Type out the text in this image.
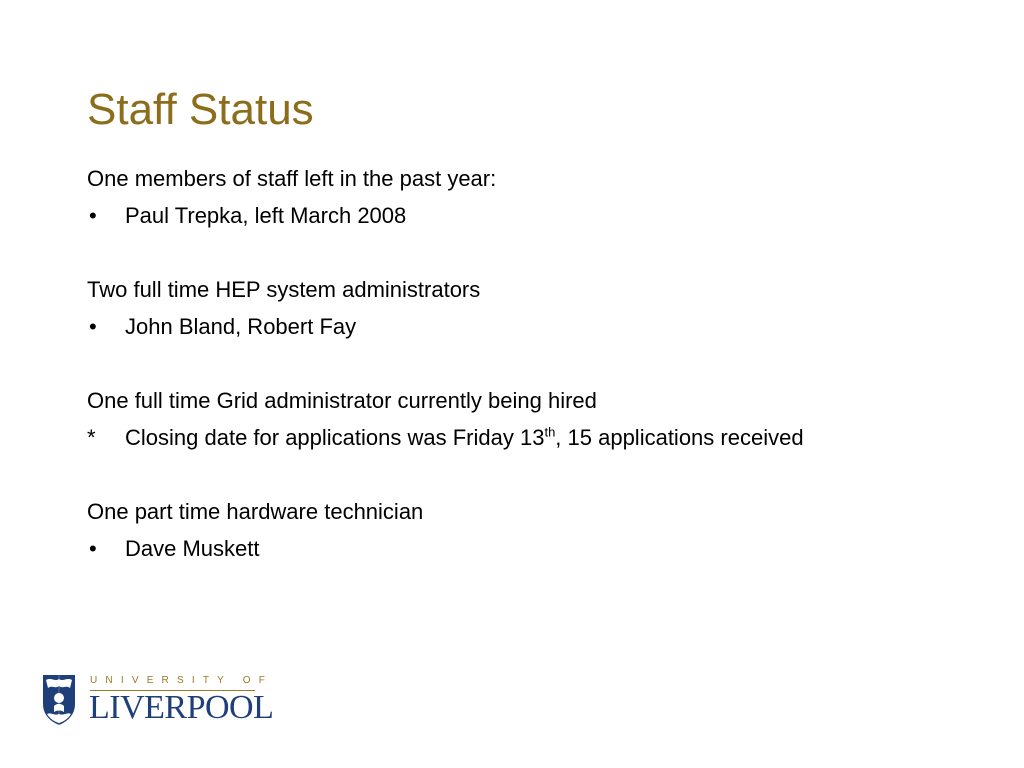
Staff Status
One members of staff left in the past year:
•	Paul Trepka, left March 2008
Two full time HEP system administrators
•	John Bland, Robert Fay
One full time Grid administrator currently being hired
*	Closing date for applications was Friday 13th, 15 applications received
One part time hardware technician
•	Dave Muskett
UNIVERSITY OF
LIVERPOOL
